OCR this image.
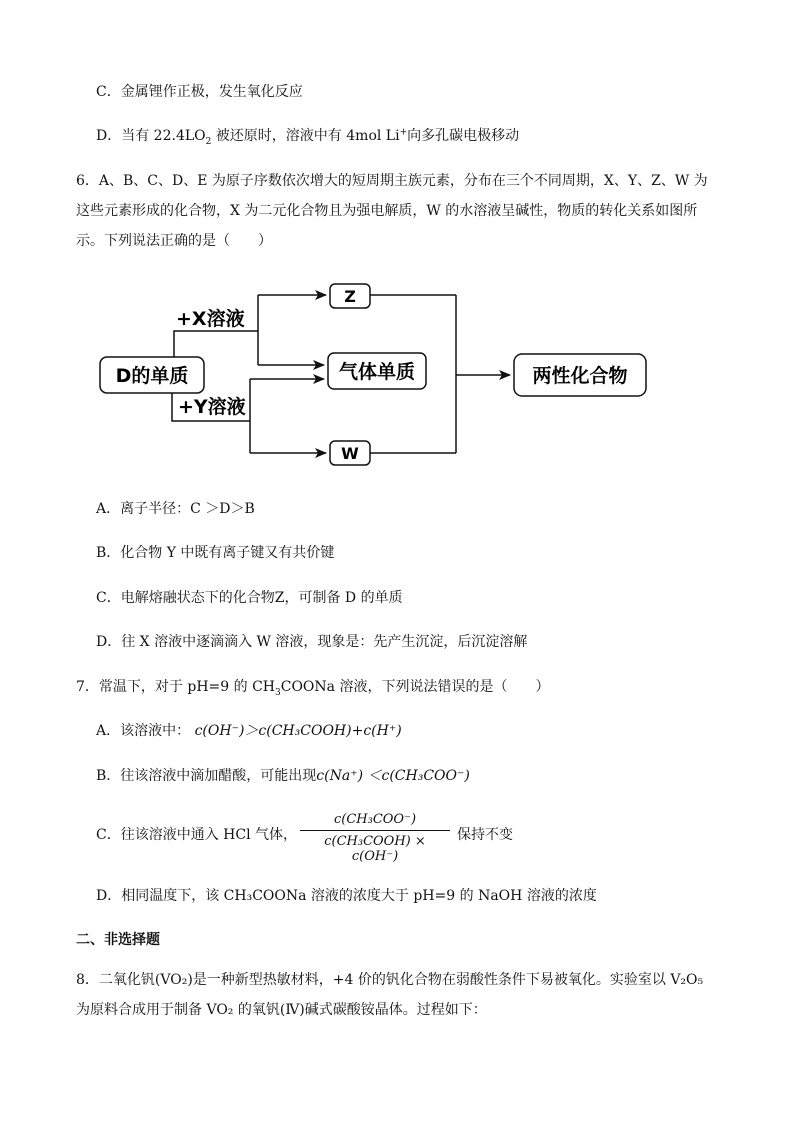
C．金属锂作正极，发生氧化反应
D．当有 $22.4LO_2$ 被还原时，溶液中有 4mol Li+向多孔碳电极移动
6．A、B、C、D、E 为原子序数依次增大的短周期主族元素，分布在三个不同周期，X、Y、Z、W 为
这些元素形成的化合物，X 为二元化合物且为强电解质，W 的水溶液呈碱性，物质的转化关系如图所
示。下列说法正确的是（　　）
D的单质
+X溶液
+Y溶液
Z
气体单质
W
两性化合物
A．离子半径：C ＞D＞B
B．化合物 Y 中既有离子键又有共价键
C．电解熔融状态下的化合物Z，可制备 D 的单质
D．往 X 溶液中逐滴滴入 W 溶液，现象是：先产生沉淀，后沉淀溶解
7．常温下，对于 pH=9 的 $CH_3COONa$ 溶液，下列说法错误的是（　　）
A．该溶液中： c(OH⁻)＞c(CH₃COOH)+c(H⁺)
B．往该溶液中滴加醋酸，可能出现c(Na⁺) ＜c(CH₃COO⁻)
C．往该溶液中通入 HCl 气体，
c(CH₃COO⁻)
c(CH₃COOH) × c(OH⁻)
保持不变
D．相同温度下，该 CH₃COONa 溶液的浓度大于 pH=9 的 NaOH 溶液的浓度
二、非选择题
8．二氧化钒(VO₂)是一种新型热敏材料，+4 价的钒化合物在弱酸性条件下易被氧化。实验室以 V₂O₅
为原料合成用于制备 VO₂ 的氧钒(Ⅳ)碱式碳酸铵晶体。过程如下：
